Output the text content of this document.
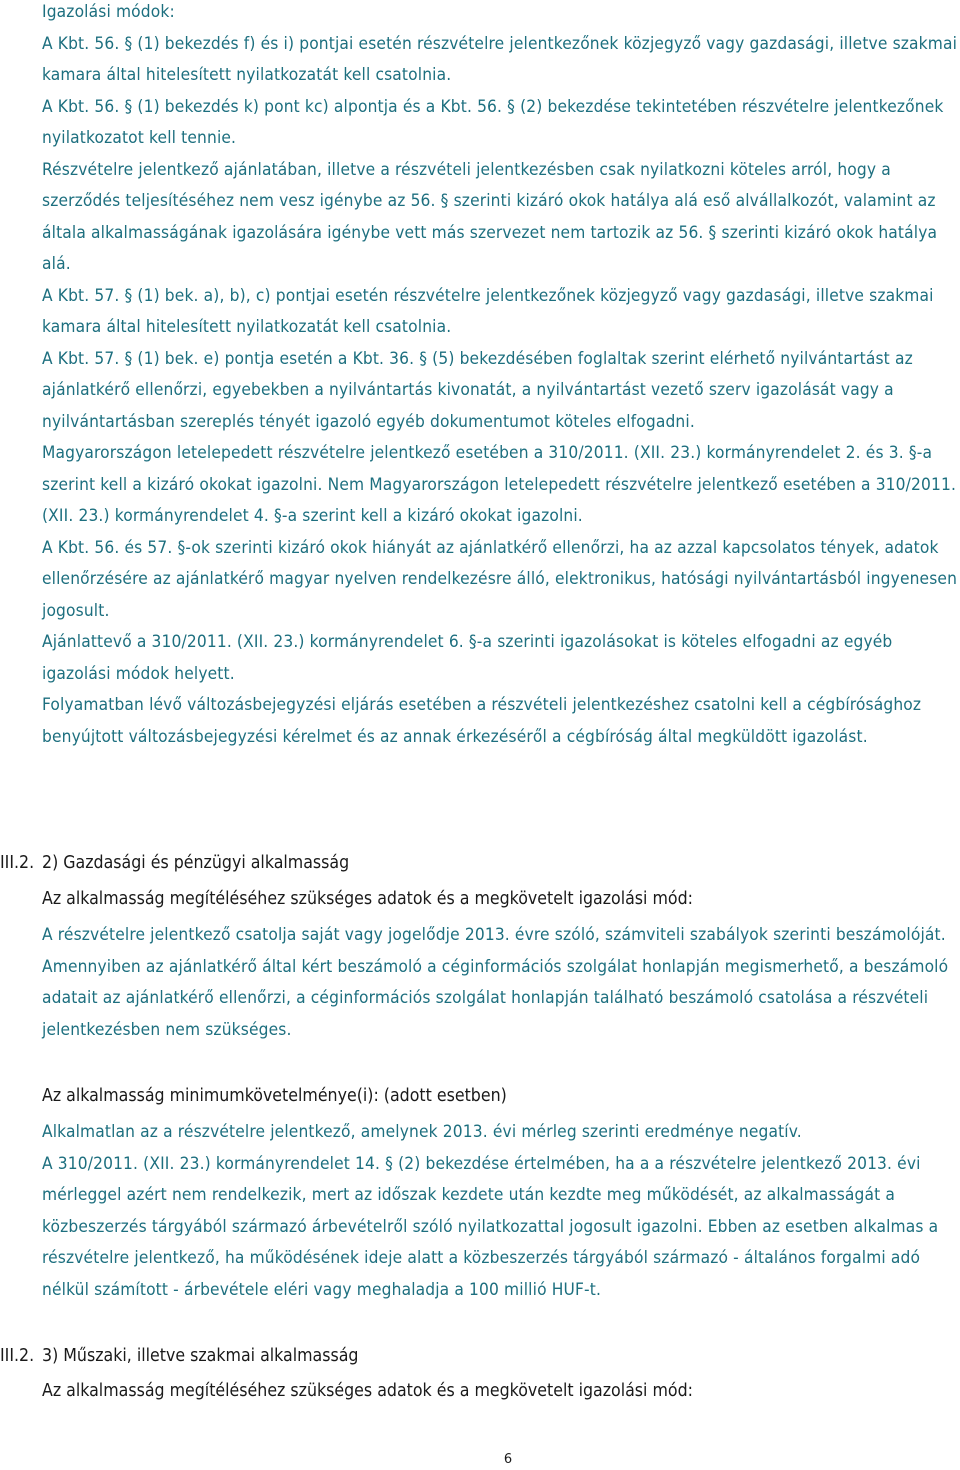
Igazolási módok:

A Kbt. 56. § (1) bekezdés f) és i) pontjai esetén részvételre jelentkezőnek közjegyző vagy gazdasági, illetve szakmai kamara által hitelesített nyilatkozatát kell csatolnia.

A Kbt. 56. § (1) bekezdés k) pont kc) alpontja és a Kbt. 56. § (2) bekezdése tekintetében részvételre jelentkezőnek nyilatkozatot kell tennie.

Részvételre jelentkező ajánlatában, illetve a részvételi jelentkezésben csak nyilatkozni köteles arról, hogy a szerződés teljesítéséhez nem vesz igénybe az 56. § szerinti kizáró okok hatálya alá eső alvállalkozót, valamint az általa alkalmasságának igazolására igénybe vett más szervezet nem tartozik az 56. § szerinti kizáró okok hatálya alá.

A Kbt. 57. § (1) bek. a), b), c) pontjai esetén részvételre jelentkezőnek közjegyző vagy gazdasági, illetve szakmai kamara által hitelesített nyilatkozatát kell csatolnia.

A Kbt. 57. § (1) bek. e) pontja esetén a Kbt. 36. § (5) bekezdésében foglaltak szerint elérhető nyilvántartást az ajánlatkérő ellenőrzi, egyebekben a nyilvántartás kivonatát, a nyilvántartást vezető szerv igazolását vagy a nyilvántartásban szereplés tényét igazoló egyéb dokumentumot köteles elfogadni.

Magyarországon letelepedett részvételre jelentkező esetében a 310/2011. (XII. 23.) kormányrendelet 2. és 3. §-a szerint kell a kizáró okokat igazolni. Nem Magyarországon letelepedett részvételre jelentkező esetében a 310/2011. (XII. 23.) kormányrendelet 4. §-a szerint kell a kizáró okokat igazolni.

A Kbt. 56. és 57. §-ok szerinti kizáró okok hiányát az ajánlatkérő ellenőrzi, ha az azzal kapcsolatos tények, adatok ellenőrzésére az ajánlatkérő magyar nyelven rendelkezésre álló, elektronikus, hatósági nyilvántartásból ingyenesen jogosult.

Ajánlattevő a 310/2011. (XII. 23.) kormányrendelet 6. §-a szerinti igazolásokat is köteles elfogadni az egyéb igazolási módok helyett.

Folyamatban lévő változásbejegyzési eljárás esetében a részvételi jelentkezéshez csatolni kell a cégbírósághoz benyújtott változásbejegyzési kérelmet és az annak érkezéséről a cégbíróság által megküldött igazolást.

III.2. 2) Gazdasági és pénzügyi alkalmasság
Az alkalmasság megítéléséhez szükséges adatok és a megkövetelt igazolási mód:

A részvételre jelentkező csatolja saját vagy jogelődje 2013. évre szóló, számviteli szabályok szerinti beszámolóját.

Amennyiben az ajánlatkérő által kért beszámoló a céginformációs szolgálat honlapján megismerhető, a beszámoló adatait az ajánlatkérő ellenőrzi, a céginformációs szolgálat honlapján található beszámoló csatolása a részvételi jelentkezésben nem szükséges.

Az alkalmasság minimumkövetelménye(i): (adott esetben)

Alkalmatlan az a részvételre jelentkező, amelynek 2013. évi mérleg szerinti eredménye negatív.

A 310/2011. (XII. 23.) kormányrendelet 14. § (2) bekezdése értelmében, ha a a részvételre jelentkező 2013. évi mérleggel azért nem rendelkezik, mert az időszak kezdete után kezdte meg működését, az alkalmasságát a közbeszerzés tárgyából származó árbevételről szóló nyilatkozattal jogosult igazolni. Ebben az esetben alkalmas a részvételre jelentkező, ha működésének ideje alatt a közbeszerzés tárgyából származó - általános forgalmi adó nélkül számított - árbevétele eléri vagy meghaladja a 100 millió HUF-t.

III.2. 3) Műszaki, illetve szakmai alkalmasság
Az alkalmasság megítéléséhez szükséges adatok és a megkövetelt igazolási mód:
6
